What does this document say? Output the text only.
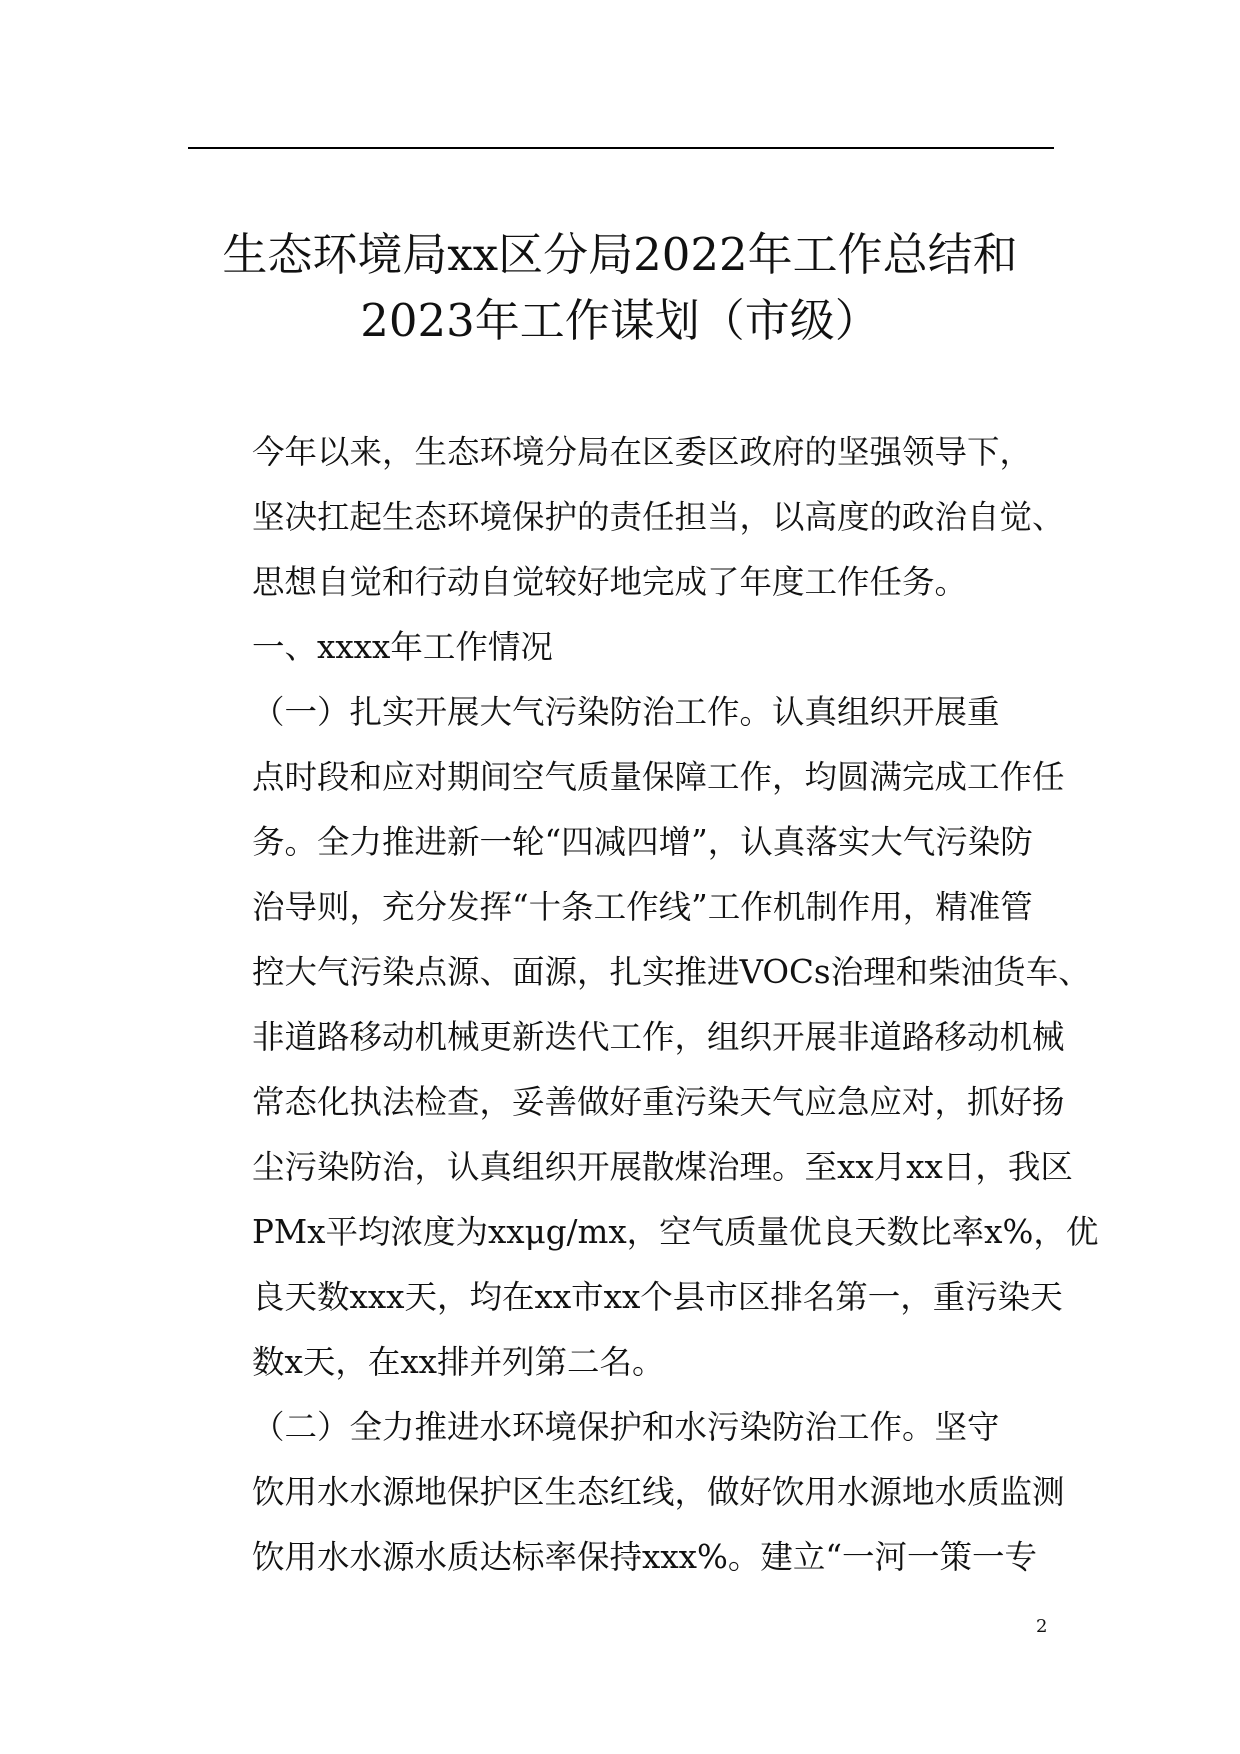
生态环境局xx区分局2022年工作总结和
2023年工作谋划（市级）

今年以来，生态环境分局在区委区政府的坚强领导下，
坚决扛起生态环境保护的责任担当，以高度的政治自觉、
思想自觉和行动自觉较好地完成了年度工作任务。

一、xxxx年工作情况

（一）扎实开展大气污染防治工作。认真组织开展重
点时段和应对期间空气质量保障工作，均圆满完成工作任
务。全力推进新一轮“四减四增”，认真落实大气污染防
治导则，充分发挥“十条工作线”工作机制作用，精准管
控大气污染点源、面源，扎实推进VOCs治理和柴油货车、
非道路移动机械更新迭代工作，组织开展非道路移动机械
常态化执法检查，妥善做好重污染天气应急应对，抓好扬
尘污染防治，认真组织开展散煤治理。至xx月xx日，我区
PMx平均浓度为xxμg/mx，空气质量优良天数比率x%，优
良天数xxx天，均在xx市xx个县市区排名第一，重污染天
数x天，在xx排并列第二名。

（二）全力推进水环境保护和水污染防治工作。坚守
饮用水水源地保护区生态红线，做好饮用水源地水质监测
饮用水水源水质达标率保持xxx%。建立“一河一策一专

2
